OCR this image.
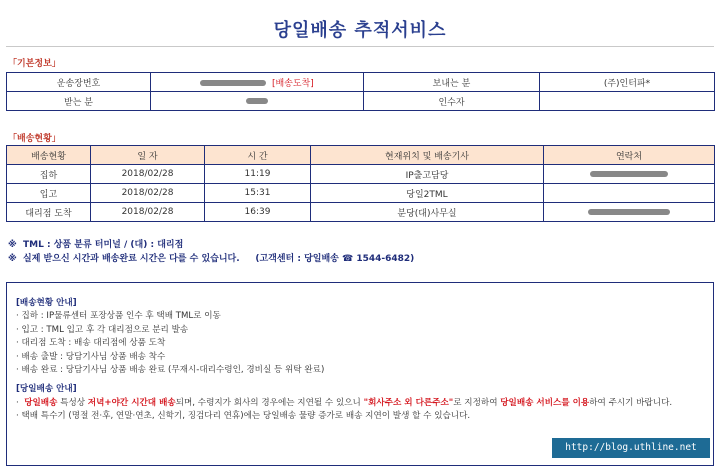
당일배송 추적서비스
「기본정보」
운송장번호	[배송도착]	보내는 분	(주)인터파*
받는 분		인수자	
「배송현황」
배송현황	일 자	시 간	현재위치 및 배송기사	연락처
집하	2018/02/28	11:19	IP출고담당	
입고	2018/02/28	15:31	당일2TML	
대리점 도착	2018/02/28	16:39	분당(대)사무실	
※ TML : 상품 분류 터미널 / (대) : 대리점
※ 실제 받으신 시간과 배송완료 시간은 다를 수 있습니다. (고객센터 : 당일배송 ☎ 1544-6482)
[배송현황 안내]
· 집하 : IP물류센터 포장상품 인수 후 택배 TML로 이동
· 입고 : TML 입고 후 각 대리점으로 분리 발송
· 대리점 도착 : 배송 대리점에 상품 도착
· 배송 출발 : 당담기사님 상품 배송 착수
· 배송 완료 : 당담기사님 상품 배송 완료 (무재시-대리수령인, 경비실 등 위탁 완료)
[당일배송 안내]
· 당일배송 특성상 저녁+야간 시간대 배송되며, 수령지가 회사의 경우에는 지연될 수 있으니 "회사주소 외 다른주소"로 지정하여 당일배송 서비스를 이용하여 주시기 바랍니다.
· 택배 특수기 (명절 전·후, 연말·연초, 신학기, 징검다리 연휴)에는 당일배송 물량 증가로 배송 지연이 발생 할 수 있습니다.
http://blog.uthline.net
